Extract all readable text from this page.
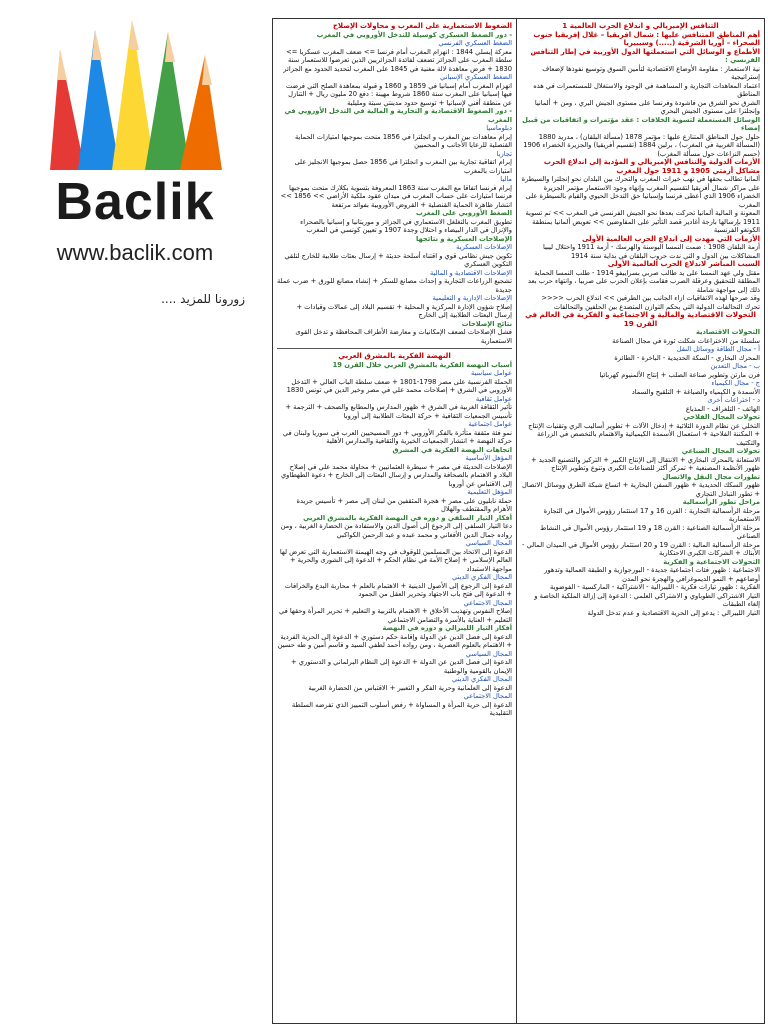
Baclik
www.baclik.com
زورونا للمزيد ....
التنافس الإمبريالي و اندلاع الحرب العالمية 1
أهم المناطق المتنافس عليها : شمال افريقيا – غلال إفريقيا جنوب الصحراء – أوربا الشرقية (.....) وسيبيريا
الأطماع و الوسائل التي استعملتها الدول الأوربية في إطار التنافس
الفرنسي :
نية الاستعمار : مقاومة الأوضاع الاقتصادية لتأمين السوق وتوسيع نفوذها لإضعاف إستراتيجية
اعتماد المعاهدات التجارية و المساهمة في الوجود والاستغلال للمستعمرات في هذه المناطق
الشرق نحو الشرق من فاشودة وفرنسا على مستوى الجيش البري ، ومن + ألمانيا وإنجلترا على مستوى الجيش البحري
الوسائل المستعملة لتسوية الخلافات : عقد مؤتمرات و اتفاقيات من قبيل إمضاء
حلول حول المناطق المتنازع عليها : مؤتمر 1878 (مسألة البلقان) ، مدريد 1880 (المسألة الغربية في المغرب) ، برلين 1884 (تقسيم أفريقيا) والجزيرة الخضراء 1906 (حسم النزاعات حول مسألة المغرب)
الأزمات الدولية والتنافس الإمبريالي و المؤدية إلى اندلاع الحرب
مشاكل أزمتي 1905 و 1911 حول المغرب
ألمانيا تطالب بحقها في نهب خيرات المغرب والتحرك بين البلدان نحو إنجلترا والسيطرة على مراكز شمال أفريقيا لتقسيم المغرب وإنهاء وجود الاستعمار مؤتمر الجزيرة الخضراء 1906 الذي أعطى فرنسا وإسبانيا حق التدخل الحيوي والقيام بالسيطرة على المغرب
المعونة و المالية ألمانيا تحركت بعدها نحو الجيش الفرنسي في المغرب >> تم تسوية 1911 بإرسالها بارجة أغادير قصد التأثير على المفاوضين >> تعويض ألمانيا بمنطقة الكونغو الفرنسية
الأزمات التي مهدت إلى اندلاع الحرب العالمية الأولى
أزمة البلقان 1908 : ضمت النمسا البوسنة والهرسك - أزمة 1911 واحتلال ليبيا
المشاكلات بين الدول و التي ندت حروب البلقان في بداية سنة 1914
السبب المباشر لاندلاع الحرب العالمية الأولى
مقتل ولي عهد النمسا على يد طالب صربي بسراييفو 1914 - طلب النمسا الحماية المطلقة للتحقيق وعرقلة الصرب فقامت بإعلان الحرب على صربيا ، وانتهاء حرب بعد ذلك إلى مواجهة شاملة
وقد صرحها لهذه الاتفاقيات ازاء الجانب بين الطرفين >> اندلاع الحرب <<<<
تحرك التحالفات الدولية التي بحكم التوازن المتصدع بين الحلفين والتحالفات
التحولات الاقتصادية والمالية و الاجتماعية و الفكرية في العالم في القرن 19
التحولات الاقتصادية
سلسلة من الاختراعات شكلت ثورة في مجال الصناعة
أ - مجال الطاقة ووسائل النقل
المحرك البخاري - السكة الحديدية - الباخرة - الطائرة
ب - مجال التعدين
فرن مارتن وتطوير صناعة الصلب + إنتاج الألمنيوم كهربائيا
ج - مجال الكيمياء
الأسمدة و الكيمياء والصباغة + التلقيح والسماد
د - اختراعات أخرى
الهاتف - التلغراف - المذياع
تحولات المجال الفلاحي
التخلي عن نظام الدورة الثلاثية + إدخال الآلات + تطوير أساليب الري وتقنيات الإنتاج + المكننة الفلاحية + استعمال الأسمدة الكيميائية والاهتمام بالتخصص في الزراعة والتكثيف
تحولات المجال الصناعي
الاستعانة بالمحرك البخاري + الانتقال إلى الإنتاج الكبير + التركيز والتصنيع الجديد + ظهور الأنظمة المصنعية + تمركز أكثر للصناعات الكبرى وتنوع وتطوير الإنتاج
تطورات مجال النقل والاتصال
ظهور السكك الحديدية + ظهور السفن البخارية + اتساع شبكة الطرق ووسائل الاتصال + تطور التبادل التجاري
مراحل تطور الرأسمالية
مرحلة الرأسمالية التجارية : القرن 16 و 17 استثمار رؤوس الأموال في التجارة الاستعمارية
مرحلة الرأسمالية الصناعية : القرن 18 و 19 استثمار رؤوس الأموال في النشاط الصناعي
مرحلة الرأسمالية المالية : القرن 19 و 20 استثمار رؤوس الأموال في الميدان المالي - الأبناك + الشركات الكبرى الاحتكارية
التحولات الاجتماعية و الفكرية
الاجتماعية : ظهور فئات اجتماعية جديدة - البورجوازية و الطبقة العمالية وتدهور أوضاعهم + النمو الديموغرافي والهجرة نحو المدن
الفكرية : ظهور تيارات فكرية - الليبرالية - الاشتراكية - الماركسية - الفوضوية
التيار الاشتراكي الطوباوي و الاشتراكي العلمي : الدعوة إلى إزالة الملكية الخاصة و إلغاء الطبقات
التيار الليبرالي : يدعو إلى الحرية الاقتصادية و عدم تدخل الدولة
الضغوط الاستعمارية على المغرب و محاولات الإصلاح
- دور الضغط العسكري كوسيلة للتدخل الأوروبي في المغرب
الضغط العسكري الفرنسي
معركة إيسلي 1844 : انهزام المغرب أمام فرنسا => ضعف المغرب عسكريا => سلطة المغرب على الجزائر تضعف لفائدة الجزائريين الذين تعرضوا للاستعمار سنة 1830 + فرض معاهدة لالة مغنية في 1845 على المغرب لتحديد الحدود مع الجزائر
الضغط العسكري الإسباني
انهزام المغرب أمام إسبانيا في 1859 و 1860 و قبوله بمعاهدة الصلح التي فرضت فيها إسبانيا على المغرب سنة 1860 شروط مهينة : دفع 20 مليون ريال + التنازل عن منطقة أفني لإسبانيا + توسيع حدود مدينتي سبتة ومليلية
- دور الضغوط الاقتصادية و التجارية و المالية في التدخل الأوروبي في المغرب
دبلوماسيا
إبرام معاهدات بين المغرب و انجلترا في 1856 منحت بموجبها امتيازات الحماية القنصلية للرعايا الأجانب و المحميين
تجاريا
إبرام اتفاقية تجارية بين المغرب و انجلترا في 1856 حصل بموجبها الانجليز على امتيازات بالمغرب
ماليا
إبرام فرنسا اتفاقا مع المغرب سنة 1863 المعروفة بتسوية بكلارك منحت بموجبها فرنسا امتيازات على حساب المغرب في ميدان عقود ملكية الأراضي >> 1856 >> انتشار ظاهرة الحماية القنصلية + القروض الأوروبية بفوائد مرتفعة
الضغط الأوروبي على المغرب
تطويق المغرب بالتغلغل الاستعماري في الجزائر و موريتانيا و إسبانيا بالصحراء والإنزال في الدار البيضاء و احتلال وجدة 1907 و تعيين كونسي في المغرب
الإصلاحات العسكرية و نتائجها
الإصلاحات العسكرية
تكوين جيش نظامي قوي و اقتناء أسلحة حديثة + إرسال بعثات طلابية للخارج لتلقي التكوين العسكري
الإصلاحات الاقتصادية و المالية
تشجيع الزراعات التجارية و إحداث مصانع للسكر + إنشاء مصانع للورق + ضرب عملة جديدة
الإصلاحات الإدارية و التعليمية
إصلاح شؤون الإدارة المركزية و المحلية + تقسيم البلاد إلى عمالات وقيادات + إرسال البعثات الطلابية إلى الخارج
نتائج الإصلاحات
فشل الإصلاحات لضعف الإمكانيات و معارضة الأطراف المحافظة و تدخل القوى الاستعمارية
النهضة الفكرية بالمشرق العربي
أسباب النهضة الفكرية بالمشرق العربي خلال القرن 19
عوامل سياسية
الحملة الفرنسية على مصر 1798-1801 + ضعف سلطة الباب العالي + التدخل الأوروبي في الشرق + إصلاحات محمد علي في مصر وخير الدين في تونس 1830
عوامل ثقافية
تأثير الثقافة الغربية في الشرق + ظهور المدارس والمطابع والصحف + الترجمة + تأسيس الجمعيات الثقافية + حركة البعثات الطلابية إلى أوروبا
عوامل اجتماعية
نمو فئة مثقفة متأثرة بالفكر الأوروبي + دور المسيحيين العرب في سوريا ولبنان في حركة النهضة + انتشار الجمعيات الخيرية والثقافية والمدارس الأهلية
اتجاهات النهضة الفكرية في المشرق
المؤهل الأساسية
الإصلاحات الحديثة في مصر + سيطرة العثمانيين + محاولة محمد علي في إصلاح البلاد و الاهتمام بالصحافة والمدارس و إرسال البعثات إلى الخارج + دعوة الطهطاوي إلى الاقتباس عن أوروبا
المؤهل التعليمية
حملة نابليون على مصر + هجرة المثقفين من لبنان إلى مصر + تأسيس جريدة الأهرام والمقتطف والهلال
أفكار التيار السلفي و دوره في النهضة الفكرية بالمشرق العربي
دعا التيار السلفي إلى الرجوع إلى أصول الدين والاستفادة من الحضارة الغربية ، ومن رواده جمال الدين الأفغاني و محمد عبده و عبد الرحمن الكواكبي
المجال السياسي
الدعوة إلى الاتحاد بين المسلمين للوقوف في وجه الهيمنة الاستعمارية التي تعرض لها العالم الإسلامي + إصلاح الأمة في نظام الحكم + الدعوة إلى الشورى والحرية + مواجهة الاستبداد
المجال الفكري الديني
الدعوة إلى الرجوع إلى الأصول الدينية + الاهتمام بالعلم + محاربة البدع والخرافات + الدعوة إلى فتح باب الاجتهاد وتحرير العقل من الجمود
المجال الاجتماعي
إصلاح النفوس وتهذيب الأخلاق + الاهتمام بالتربية و التعليم + تحرير المرأة وحقها في التعليم + العناية بالأسرة والتضامن الاجتماعي
أفكار التيار الليبرالي و دوره في النهضة
الدعوة إلى فصل الدين عن الدولة وإقامة حكم دستوري + الدعوة إلى الحرية الفردية + الاهتمام بالعلوم العصرية ، ومن رواده أحمد لطفي السيد و قاسم أمين و طه حسين
المجال السياسي
الدعوة إلى فصل الدين عن الدولة + الدعوة إلى النظام البرلماني و الدستوري + الإيمان بالقومية والوطنية
المجال الفكري الديني
الدعوة إلى العلمانية وحرية الفكر و التعبير + الاقتباس من الحضارة الغربية
المجال الاجتماعي
الدعوة إلى حرية المرأة و المساواة + رفض أسلوب التمييز الذي تفرضه السلطة التقليدية
